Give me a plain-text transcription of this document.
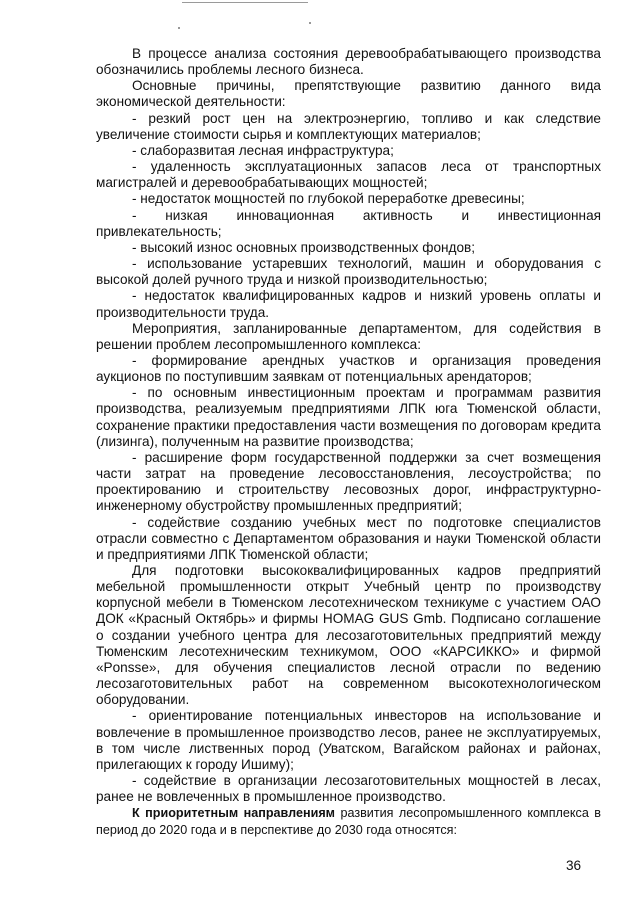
В процессе анализа состояния деревообрабатывающего производства обозначились проблемы лесного бизнеса.

Основные причины, препятствующие развитию данного вида экономической деятельности:

- резкий рост цен на электроэнергию, топливо и как следствие увеличение стоимости сырья и комплектующих материалов;

- слаборазвитая лесная инфраструктура;

- удаленность эксплуатационных запасов леса от транспортных магистралей и деревообрабатывающих мощностей;

- недостаток мощностей по глубокой переработке древесины;

- низкая инновационная активность и инвестиционная привлекательность;

- высокий износ основных производственных фондов;

- использование устаревших технологий, машин и оборудования с высокой долей ручного труда и низкой производительностью;

- недостаток квалифицированных кадров и низкий уровень оплаты и производительности труда.

Мероприятия, запланированные департаментом, для содействия в решении проблем лесопромышленного комплекса:

- формирование арендных участков и организация проведения аукционов по поступившим заявкам от потенциальных арендаторов;

- по основным инвестиционным проектам и программам развития производства, реализуемым предприятиями ЛПК юга Тюменской области, сохранение практики предоставления части возмещения по договорам кредита (лизинга), полученным на развитие производства;

- расширение форм государственной поддержки за счет возмещения части затрат на проведение лесовосстановления, лесоустройства; по проектированию и строительству лесовозных дорог, инфраструктурно-инженерному обустройству промышленных предприятий;

- содействие созданию учебных мест по подготовке специалистов отрасли совместно с Департаментом образования и науки Тюменской области и предприятиями ЛПК Тюменской области;

Для подготовки высококвалифицированных кадров предприятий мебельной промышленности открыт Учебный центр по производству корпусной мебели в Тюменском лесотехническом техникуме с участием ОАО ДОК «Красный Октябрь» и фирмы HOMAG GUS Gmb. Подписано соглашение о создании учебного центра для лесозаготовительных предприятий между Тюменским лесотехническим техникумом, ООО «КАРСИККО» и фирмой «Ponsse», для обучения специалистов лесной отрасли по ведению лесозаготовительных работ на современном высокотехнологическом оборудовании.

- ориентирование потенциальных инвесторов на использование и вовлечение в промышленное производство лесов, ранее не эксплуатируемых, в том числе лиственных пород (Уватском, Вагайском районах и районах, прилегающих к городу Ишиму);

- содействие в организации лесозаготовительных мощностей в лесах, ранее не вовлеченных в промышленное производство.

К приоритетным направлениям развития лесопромышленного комплекса в период до 2020 года и в перспективе до 2030 года относятся:

36
